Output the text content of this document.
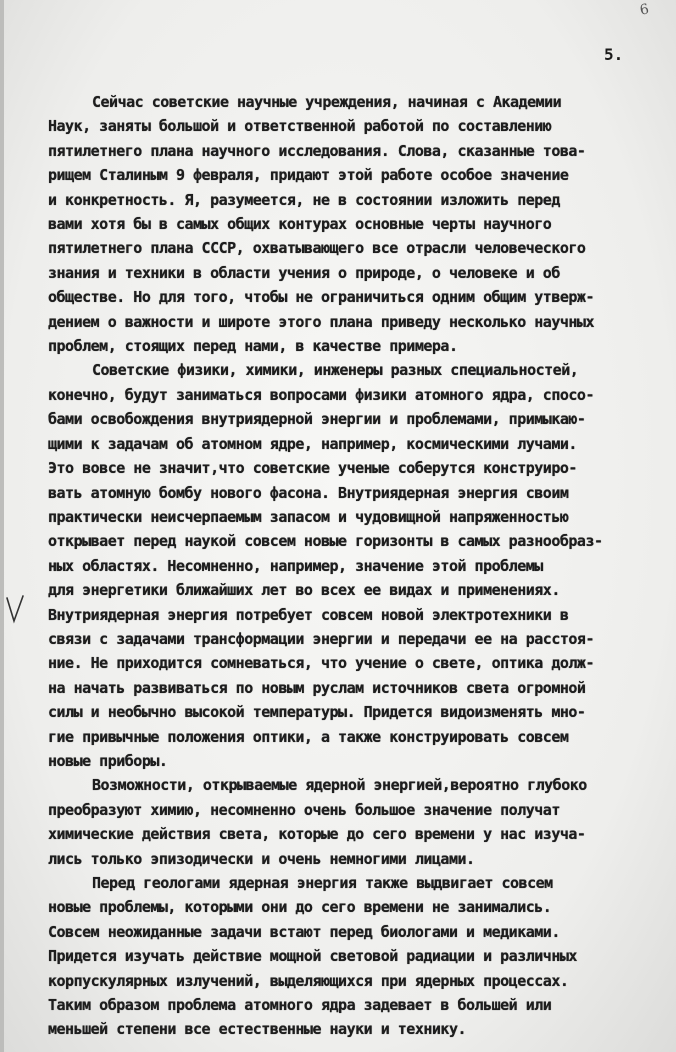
6
5.

Сейчас советские научные учреждения, начиная с Академии
Наук, заняты большой и ответственной работой по составлению
пятилетнего плана научного исследования. Слова, сказанные това-
рищем Сталиным 9 февраля, придают этой работе особое значение
и конкретность. Я, разумеется, не в состоянии изложить перед
вами хотя бы в самых общих контурах основные черты научного
пятилетнего плана СССР, охватывающего все отрасли человеческого
знания и техники в области учения о природе, о человеке и об
обществе. Но для того, чтобы не ограничиться одним общим утверж-
дением о важности и широте этого плана приведу несколько научных
проблем, стоящих перед нами, в качестве примера.

Советские физики, химики, инженеры разных специальностей,
конечно, будут заниматься вопросами физики атомного ядра, спосо-
бами освобождения внутриядерной энергии и проблемами, примыкаю-
щими к задачам об атомном ядре, например, космическими лучами.
Это вовсе не значит,что советские ученые соберутся конструиро-
вать атомную бомбу нового фасона. Внутриядерная энергия своим
практически неисчерпаемым запасом и чудовищной напряженностью
открывает перед наукой совсем новые горизонты в самых разнообраз-
ных областях. Несомненно, например, значение этой проблемы
для энергетики ближайших лет во всех ее видах и применениях.
Внутриядерная энергия потребует совсем новой электротехники в
связи с задачами трансформации энергии и передачи ее на расстоя-
ние. Не приходится сомневаться, что учение о свете, оптика долж-
на начать развиваться по новым руслам источников света огромной
силы и необычно высокой температуры. Придется видоизменять мно-
гие привычные положения оптики, а также конструировать совсем
новые приборы.

Возможности, открываемые ядерной энергией,вероятно глубоко
преобразуют химию, несомненно очень большое значение получат
химические действия света, которые до сего времени у нас изуча-
лись только эпизодически и очень немногими лицами.

Перед геологами ядерная энергия также выдвигает совсем
новые проблемы, которыми они до сего времени не занимались.
Совсем неожиданные задачи встают перед биологами и медиками.
Придется изучать действие мощной световой радиации и различных
корпускулярных излучений, выделяющихся при ядерных процессах.
Таким образом проблема атомного ядра задевает в большей или
меньшей степени все естественные науки и технику.
